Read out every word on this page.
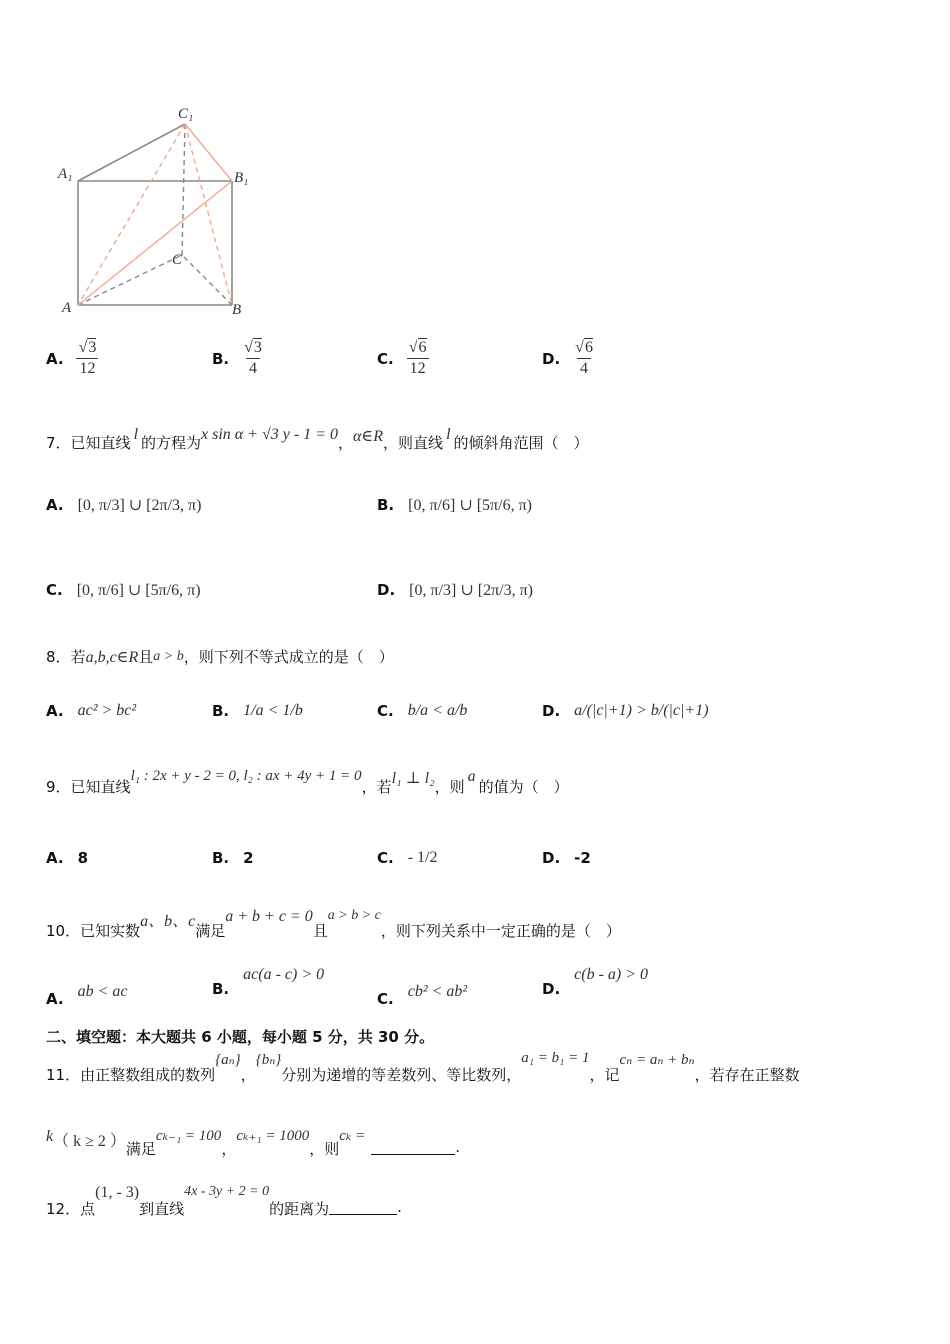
C₁
A₁	B₁
C
A	B
A. $\frac{√3}{12}$	B. $\frac{√3}{4}$	C. $\frac{√6}{12}$	D. $\frac{√6}{4}$
7． 已知直线 l 的方程为 x sin α + √3 y - 1 = 0 ， α∈R ，则直线 l 的倾斜角范围（　）
A. [0, π/3] ∪ [2π/3, π)	B. [0, π/6] ∪ [5π/6, π)
C. [0, π/6] ∪ [5π/6, π)	D. [0, π/3] ∪ [2π/3, π)
8． 若 a,b,c∈R 且 a > b ，则下列不等式成立的是（　）
A. ac² > bc²	B. 1/a < 1/b	C. b/a < a/b	D. a/(|c|+1) > b/(|c|+1)
9． 已知直线
l₁ : 2x + y - 2 = 0, l₂ : ax + 4y + 1 = 0
，若 l₁ ⊥ l₂ ，则
a
的值为（　）
A. 8	B. 2	C. - 1/2	D. -2
10． 已知实数
a、b、c
满足
a + b + c = 0
且
a > b > c
，则下列关系中一定正确的是（　）
A. ab < ac	B.
ac(a - c) > 0
C. cb² < ab²	D.
c(b - a) > 0
二、填空题：本大题共 6 小题，每小题 5 分，共 30 分。
11． 由正整数组成的数列
{aₙ}
，
{bₙ}
分别为递增的等差数列、等比数列，
a₁ = b₁ = 1
，记
cₙ = aₙ + bₙ
，若存在正整数
k （ k ≥ 2 ） 满足
cₖ₋₁ = 100
，
cₖ₊₁ = 1000
，则
cₖ =
.
12． 点
(1, - 3)
到直线
4x - 3y + 2 = 0
的距离为	.
